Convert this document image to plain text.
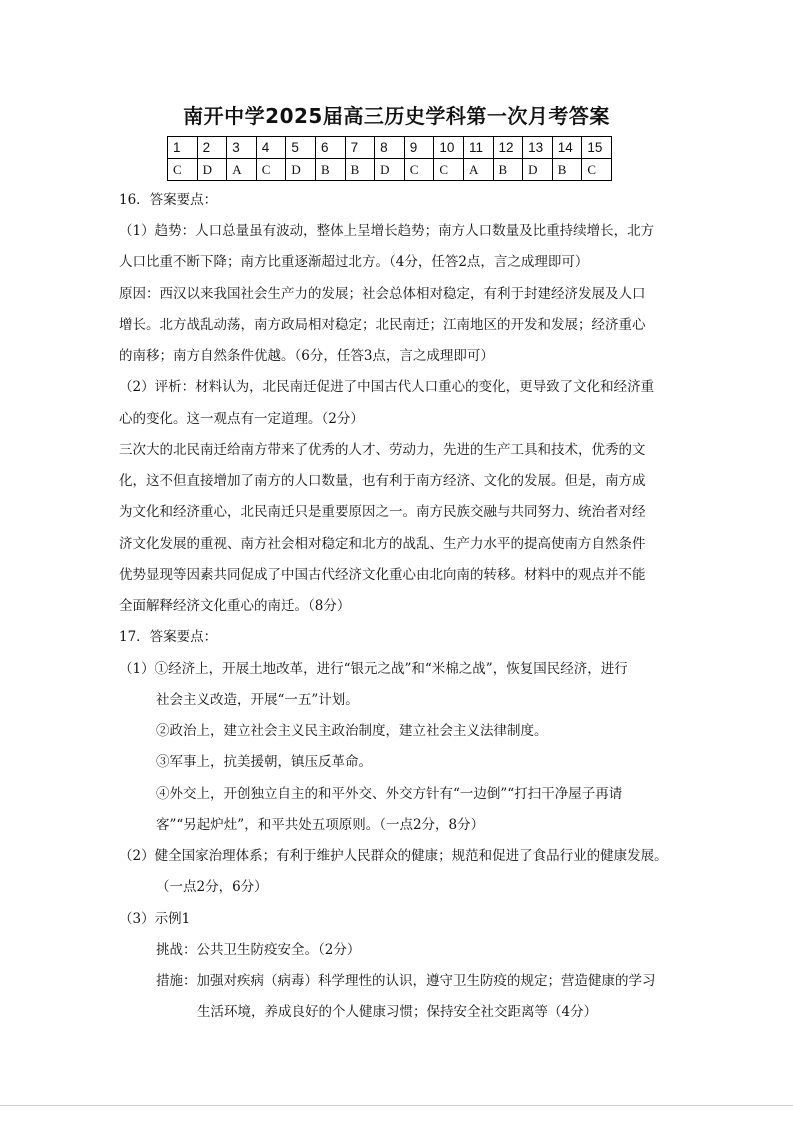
南开中学2025届高三历史学科第一次月考答案
1	2	3	4	5	6	7	8	9	10	11	12	13	14	15
C	D	A	C	D	B	B	D	C	C	A	B	D	B	C
16．答案要点：
（1）趋势：人口总量虽有波动，整体上呈增长趋势；南方人口数量及比重持续增长，北方
人口比重不断下降；南方比重逐渐超过北方。（4分，任答2点，言之成理即可）
原因：西汉以来我国社会生产力的发展；社会总体相对稳定，有利于封建经济发展及人口
增长。北方战乱动荡，南方政局相对稳定；北民南迁；江南地区的开发和发展；经济重心
的南移；南方自然条件优越。（6分，任答3点，言之成理即可）
（2）评析：材料认为，北民南迁促进了中国古代人口重心的变化，更导致了文化和经济重
心的变化。这一观点有一定道理。（2分）
三次大的北民南迁给南方带来了优秀的人才、劳动力，先进的生产工具和技术，优秀的文
化，这不但直接增加了南方的人口数量，也有利于南方经济、文化的发展。但是，南方成
为文化和经济重心，北民南迁只是重要原因之一。南方民族交融与共同努力、统治者对经
济文化发展的重视、南方社会相对稳定和北方的战乱、生产力水平的提高使南方自然条件
优势显现等因素共同促成了中国古代经济文化重心由北向南的转移。材料中的观点并不能
全面解释经济文化重心的南迁。（8分）
17．答案要点：
（1）①经济上，开展土地改革，进行“银元之战”和“米棉之战”，恢复国民经济，进行
社会主义改造，开展“一五”计划。
②政治上，建立社会主义民主政治制度，建立社会主义法律制度。
③军事上，抗美援朝，镇压反革命。
④外交上，开创独立自主的和平外交、外交方针有“一边倒”“打扫干净屋子再请
客”“另起炉灶”，和平共处五项原则。（一点2分，8分）
（2）健全国家治理体系；有利于维护人民群众的健康；规范和促进了食品行业的健康发展。
（一点2分，6分）
（3）示例1
挑战：公共卫生防疫安全。（2分）
措施：加强对疾病（病毒）科学理性的认识，遵守卫生防疫的规定；营造健康的学习
生活环境，养成良好的个人健康习惯；保持安全社交距离等（4分）
